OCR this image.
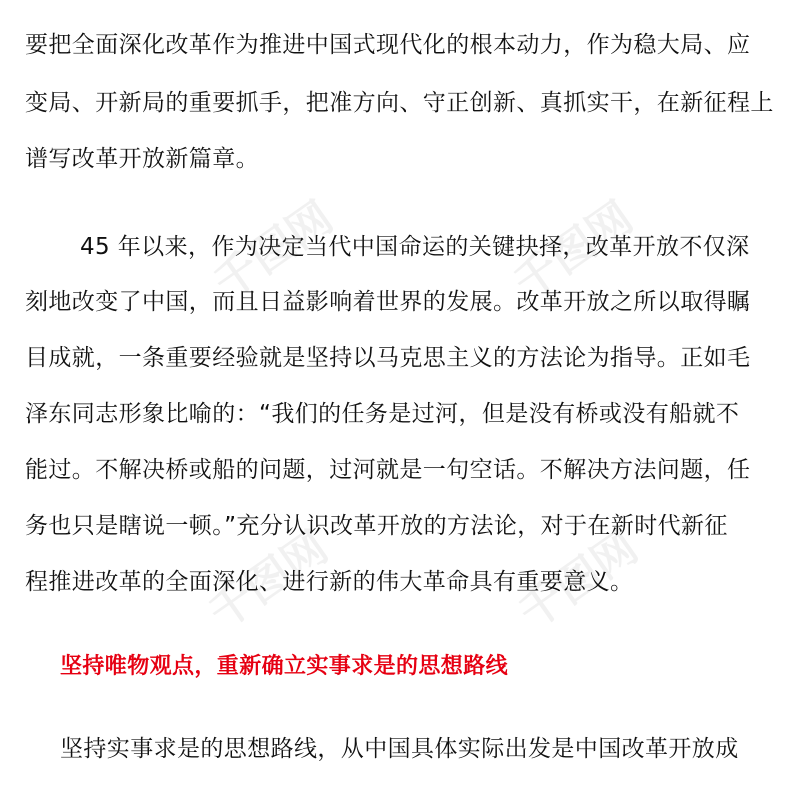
千图网	千图网
千图网	千图网
要把全面深化改革作为推进中国式现代化的根本动力，作为稳大局、应
变局、开新局的重要抓手，把准方向、守正创新、真抓实干，在新征程上
谱写改革开放新篇章。
45 年以来，作为决定当代中国命运的关键抉择，改革开放不仅深
刻地改变了中国，而且日益影响着世界的发展。改革开放之所以取得瞩
目成就，一条重要经验就是坚持以马克思主义的方法论为指导。正如毛
泽东同志形象比喻的：“我们的任务是过河，但是没有桥或没有船就不
能过。不解决桥或船的问题，过河就是一句空话。不解决方法问题，任
务也只是瞎说一顿。”充分认识改革开放的方法论，对于在新时代新征
程推进改革的全面深化、进行新的伟大革命具有重要意义。
坚持唯物观点，重新确立实事求是的思想路线
坚持实事求是的思想路线，从中国具体实际出发是中国改革开放成
